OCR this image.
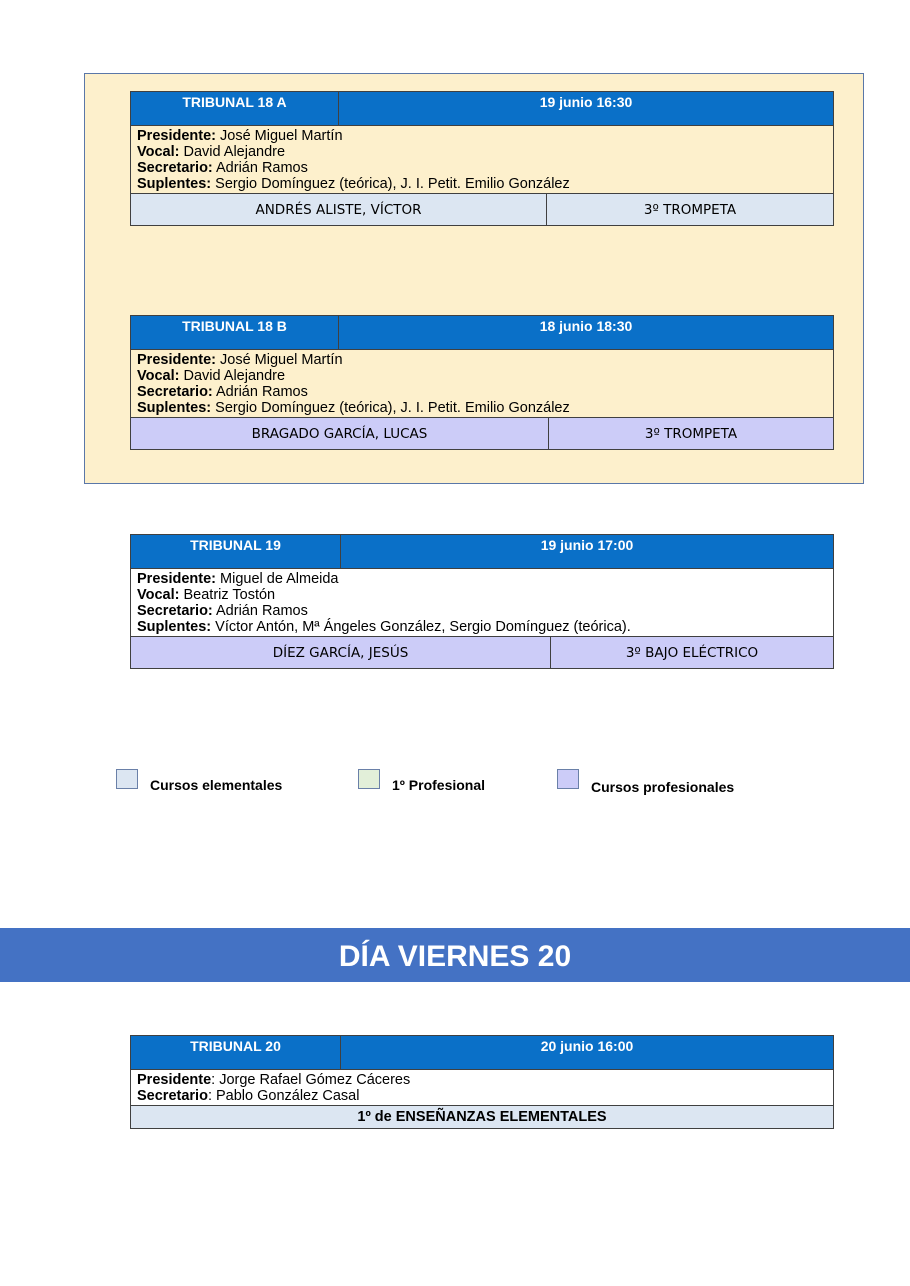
TRIBUNAL 18 A	19 junio 16:30	

Presidente: José Miguel Martín
Vocal: David Alejandre
Secretario: Adrián Ramos
Suplentes: Sergio Domínguez (teórica), J. I. Petit. Emilio González		

ANDRÉS ALISTE, VÍCTOR		3º TROMPETA
TRIBUNAL 18 B	18 junio 18:30	

Presidente: José Miguel Martín
Vocal: David Alejandre
Secretario: Adrián Ramos
Suplentes: Sergio Domínguez (teórica), J. I. Petit. Emilio González		

BRAGADO GARCÍA, LUCAS		3º TROMPETA
TRIBUNAL 19	19 junio 17:00	

Presidente: Miguel de Almeida
Vocal: Beatriz Tostón
Secretario: Adrián Ramos
Suplentes: Víctor Antón, Mª Ángeles González, Sergio Domínguez (teórica).		

DÍEZ GARCÍA, JESÚS		3º BAJO ELÉCTRICO
Cursos elementales	1º Profesional	Cursos profesionales
DÍA VIERNES 20
TRIBUNAL 20	20 junio 16:00

Presidente: Jorge Rafael Gómez Cáceres
Secretario: Pablo González Casal

1º de ENSEÑANZAS ELEMENTALES
